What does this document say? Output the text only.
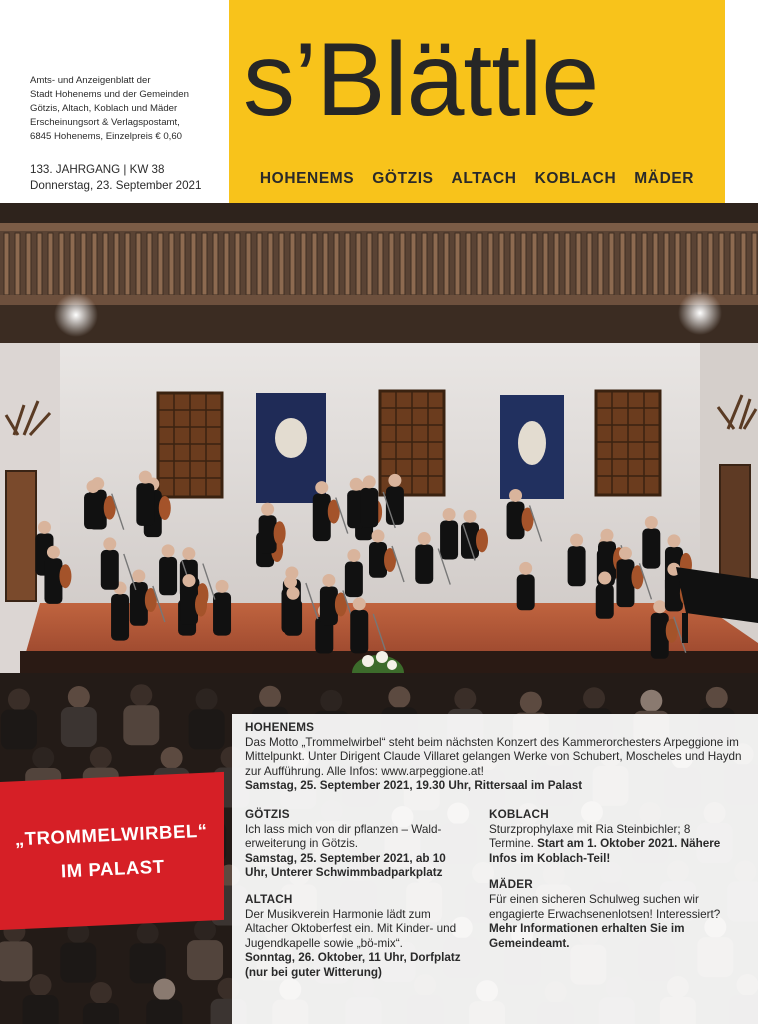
Amts- und Anzeigenblatt der
Stadt Hohenems und der Gemeinden
Götzis, Altach, Koblach und Mäder
Erscheinungsort & Verlagspostamt,
6845 Hohenems, Einzelpreis € 0,60
133. JAHRGANG | KW 38
Donnerstag, 23. September 2021
s’Blättle
HOHENEMS GÖTZIS ALTACH KOBLACH MÄDER
„TROMMELWIRBEL“
IM PALAST
HOHENEMS

Das Motto „Trommelwirbel“ steht beim nächsten Konzert des Kammerorchesters Arpeggione im Mittelpunkt. Unter Dirigent Claude Villaret gelangen Werke von Schubert, Moscheles und Haydn zur Aufführung. Alle Infos: www.arpeggione.at!

Samstag, 25. September 2021, 19.30 Uhr, Rittersaal im Palast

GÖTZIS

Ich lass mich von dir pflanzen – Walderweiterung in Götzis.

Samstag, 25. September 2021, ab 10 Uhr, Unterer Schwimmbadparkplatz

ALTACH

Der Musikverein Harmonie lädt zum Altacher Oktoberfest ein. Mit Kinder- und Jugendkapelle sowie „bö-mix“.

Sonntag, 26. Oktober, 11 Uhr, Dorfplatz (nur bei guter Witterung)

KOBLACH

Sturzprophylaxe mit Ria Steinbichler; 8 Termine. Start am 1. Oktober 2021. Nähere Infos im Koblach-Teil!

MÄDER

Für einen sicheren Schulweg suchen wir engagierte Erwachsenenlotsen! Interessiert?

Mehr Informationen erhalten Sie im Gemeindeamt.
